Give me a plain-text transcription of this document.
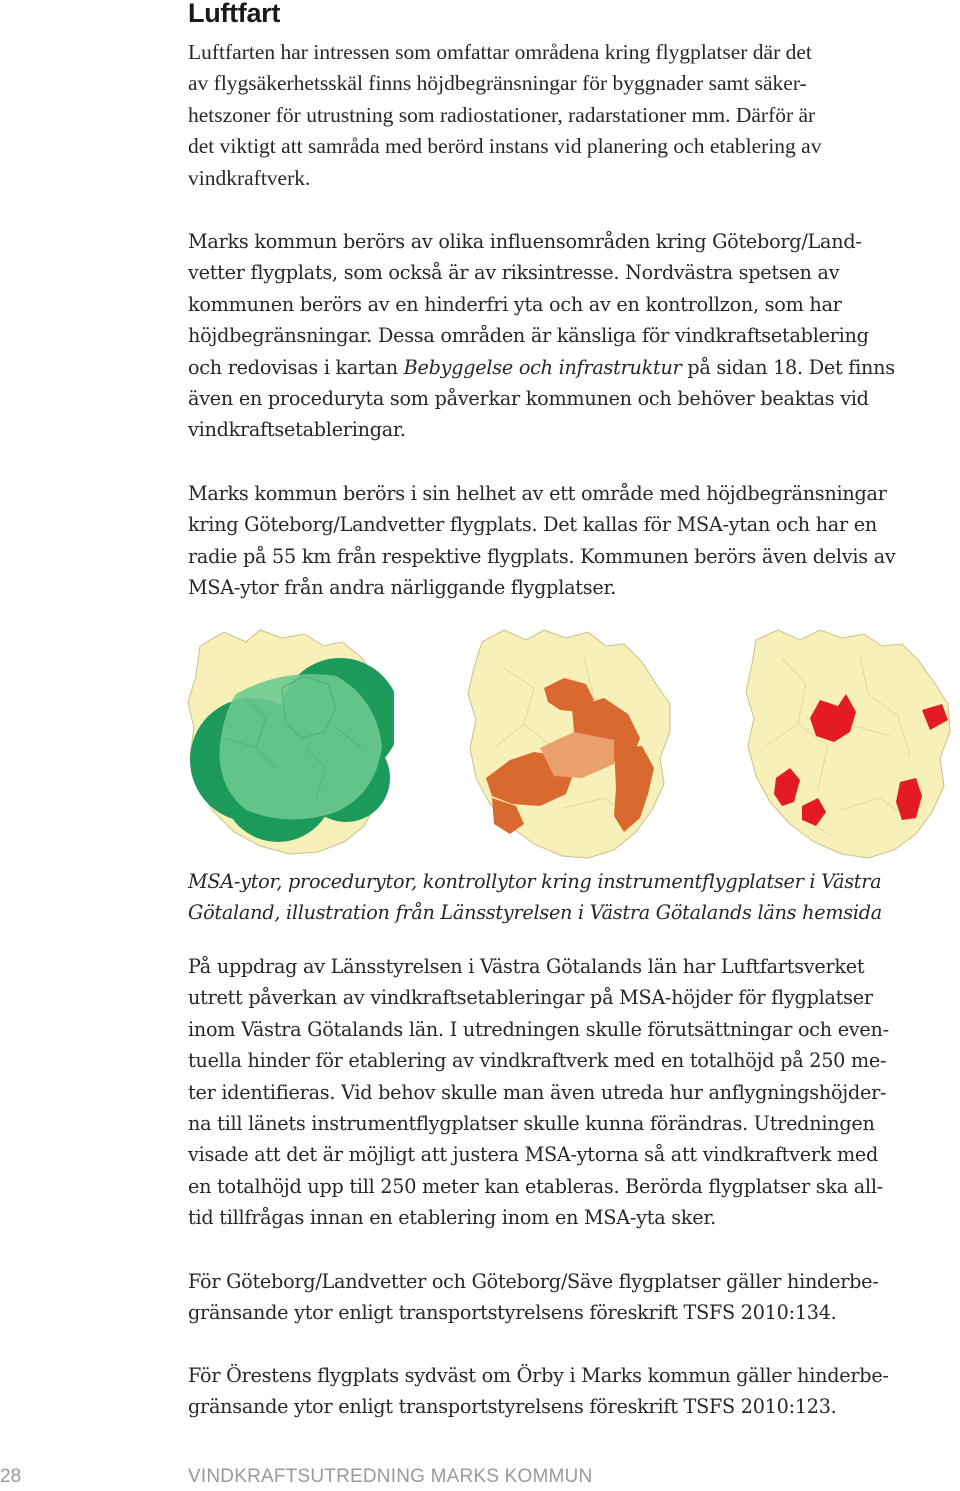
Luftfart
Luftfarten har intressen som omfattar områdena kring flygplatser där det
av flygsäkerhetsskäl finns höjdbegränsningar för byggnader samt säker-
hetszoner för utrustning som radiostationer, radarstationer mm. Därför är
det viktigt att samråda med berörd instans vid planering och etablering av
vindkraftverk.
Marks kommun berörs av olika influensområden kring Göteborg/Land-
vetter flygplats, som också är av riksintresse. Nordvästra spetsen av
kommunen berörs av en hinderfri yta och av en kontrollzon, som har
höjdbegränsningar. Dessa områden är känsliga för vindkraftsetablering
och redovisas i kartan Bebyggelse och infrastruktur på sidan 18. Det finns
även en proceduryta som påverkar kommunen och behöver beaktas vid
vindkraftsetableringar.
Marks kommun berörs i sin helhet av ett område med höjdbegränsningar
kring Göteborg/Landvetter flygplats. Det kallas för MSA-ytan och har en
radie på 55 km från respektive flygplats. Kommunen berörs även delvis av
MSA-ytor från andra närliggande flygplatser.
MSA-ytor, procedurytor, kontrollytor kring instrumentflygplatser i Västra
Götaland, illustration från Länsstyrelsen i Västra Götalands läns hemsida
På uppdrag av Länsstyrelsen i Västra Götalands län har Luftfartsverket
utrett påverkan av vindkraftsetableringar på MSA-höjder för flygplatser
inom Västra Götalands län. I utredningen skulle förutsättningar och even-
tuella hinder för etablering av vindkraftverk med en totalhöjd på 250 me-
ter identifieras. Vid behov skulle man även utreda hur anflygningshöjder-
na till länets instrumentflygplatser skulle kunna förändras. Utredningen
visade att det är möjligt att justera MSA-ytorna så att vindkraftverk med
en totalhöjd upp till 250 meter kan etableras. Berörda flygplatser ska all-
tid tillfrågas innan en etablering inom en MSA-yta sker.
För Göteborg/Landvetter och Göteborg/Säve flygplatser gäller hinderbe-
gränsande ytor enligt transportstyrelsens föreskrift TSFS 2010:134.
För Örestens flygplats sydväst om Örby i Marks kommun gäller hinderbe-
gränsande ytor enligt transportstyrelsens föreskrift TSFS 2010:123.
28	VINDKRAFTSUTREDNING MARKS KOMMUN
